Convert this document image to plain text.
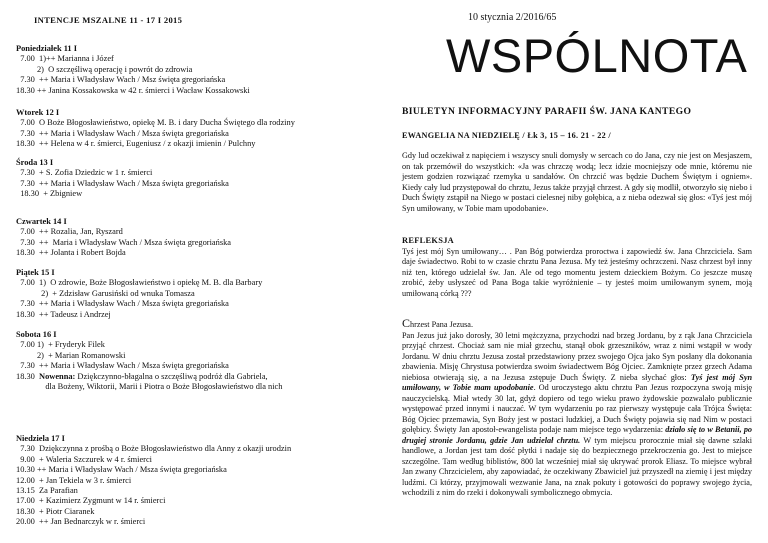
INTENCJE MSZALNE 11 - 17 I 2015	10 stycznia 2/2016/65
Poniedziałek 11 I
7.00  1)++ Marianna i Józef
2)  O szczęśliwą operację i powrót do zdrowia
7.30  ++ Maria i Władysław Wach / Msz święta gregoriańska
18.30 ++ Janina Kossakowska w 42 r. śmierci i Wacław Kossakowski
Wtorek 12 I
7.00  O Boże Błogosławieństwo, opiekę M. B. i dary Ducha Świętego dla rodziny
7.30  ++ Maria i Władysław Wach / Msza święta gregoriańska
18.30  ++ Helena w 4 r. śmierci, Eugeniusz / z okazji imienin / Pulchny
Środa 13 I
7.30  + S. Zofia Dziedzic w 1 r. śmierci
7.30  ++ Maria i Władysław Wach / Msza święta gregoriańska
18.30  + Zbigniew
Czwartek 14 I
7.00  ++ Rozalia, Jan, Ryszard
7.30  ++  Maria i Władysław Wach / Msza święta gregoriańska
18.30  ++ Jolanta i Robert Bojda
Piątek 15 I
7.00  1)  O zdrowie, Boże Błogosławieństwo i opiekę M. B. dla Barbary
2)  + Zdzisław Garusiński od wnuka Tomasza
7.30  ++ Maria i Władysław Wach / Msza święta gregoriańska
18.30  ++ Tadeusz i Andrzej
Sobota 16 I
7.00 1)  + Fryderyk Filek
2)  + Marian Romanowski
7.30  ++ Maria i Władysław Wach / Msza święta gregoriańska
18.30  Nowenna: Dziękczynno-błagalna o szczęśliwą podróż dla Gabriela,
dla Bożeny, Wiktorii, Marii i Piotra o Boże Błogosławieństwo dla nich
Niedziela 17 I
7.30  Dziękczynna z prośbą o Boże Błogosławieństwo dla Anny z okazji urodzin
9.00  + Waleria Szczurek w 4 r. śmierci
10.30 ++ Maria i Władysław Wach / Msza święta gregoriańska
12.00  + Jan Tekiela w 3 r. śmierci
13.15  Za Parafian
17.00  + Kazimierz Zygmunt w 14 r. śmierci
18.30  + Piotr Ciaranek
20.00  ++ Jan Bednarczyk w r. śmierci
WSPÓLNOTA
BIULETYN INFORMACYJNY PARAFII ŚW. JANA KANTEGO
EWANGELIA NA NIEDZIELĘ / Łk 3, 15 – 16. 21 - 22 /
Gdy lud oczekiwał z napięciem i wszyscy snuli domysły w sercach co do Jana, czy nie jest on Mesjaszem, on tak przemówił do wszystkich: «Ja was chrzczę wodą; lecz idzie mocniejszy ode mnie, któremu nie jestem godzien rozwiązać rzemyka u sandałów. On chrzcić was będzie Duchem Świętym i ogniem». Kiedy cały lud przystępował do chrztu, Jezus także przyjął chrzest. A gdy się modlił, otworzyło się niebo i Duch Święty zstąpił na Niego w postaci cielesnej niby gołębica, a z nieba odezwał się głos: «Tyś jest mój Syn umiłowany, w Tobie mam upodobanie».
REFLEKSJA
Tyś jest mój Syn umiłowany… . Pan Bóg potwierdza proroctwa i zapowiedź św. Jana Chrzciciela. Sam daje świadectwo. Robi to w czasie chrztu Pana Jezusa. My też jesteśmy ochrzczeni. Nasz chrzest był inny niż ten, którego udzielał św. Jan. Ale od tego momentu jestem dzieckiem Bożym. Co jeszcze muszę zrobić, żeby usłyszeć od Pana Boga takie wyróżnienie – ty jesteś moim umiłowanym synem, moją umiłowaną córką ???
Chrzest Pana Jezusa.
Pan Jezus już jako dorosły, 30 letni mężczyzna, przychodzi nad brzeg Jordanu, by z rąk Jana Chrzciciela przyjąć chrzest. Chociaż sam nie miał grzechu, stanął obok grzeszników, wraz z nimi wstąpił w wody Jordanu. W dniu chrztu Jezusa został przedstawiony przez swojego Ojca jako Syn posłany dla dokonania zbawienia. Misję Chrystusa potwierdza swoim świadectwem Bóg Ojciec. Zamknięte przez grzech Adama niebiosa otwierają się, a na Jezusa zstępuje Duch Święty. Z nieba słychać głos: Tyś jest mój Syn umiłowany, w Tobie mam upodobanie. Od uroczystego aktu chrztu Pan Jezus rozpoczyna swoją misję nauczycielską. Miał wtedy 30 lat, gdyż dopiero od tego wieku prawo żydowskie pozwalało publicznie występować przed innymi i nauczać. W tym wydarzeniu po raz pierwszy występuje cała Trójca Święta: Bóg Ojciec przemawia, Syn Boży jest w postaci ludzkiej, a Duch Święty pojawia się nad Nim w postaci gołębicy. Święty Jan apostoł-ewangelista podaje nam miejsce tego wydarzenia: działo się to w Betanii, po drugiej stronie Jordanu, gdzie Jan udzielał chrztu. W tym miejscu prorocznie miał się dawne szlaki handlowe, a Jordan jest tam dość płytki i nadaje się do bezpiecznego przekroczenia go. Jest to miejsce szczególne. Tam według biblistów, 800 lat wcześniej miał się ukrywać prorok Eliasz. To miejsce wybrał Jan zwany Chrzcicielem, aby zapowiadać, że oczekiwany Zbawiciel już przyszedł na ziemię i jest między ludźmi. Ci którzy, przyjmowali wezwanie Jana, na znak pokuty i gotowości do poprawy swojego życia, wchodzili z nim do rzeki i dokonywali symbolicznego obmycia.
